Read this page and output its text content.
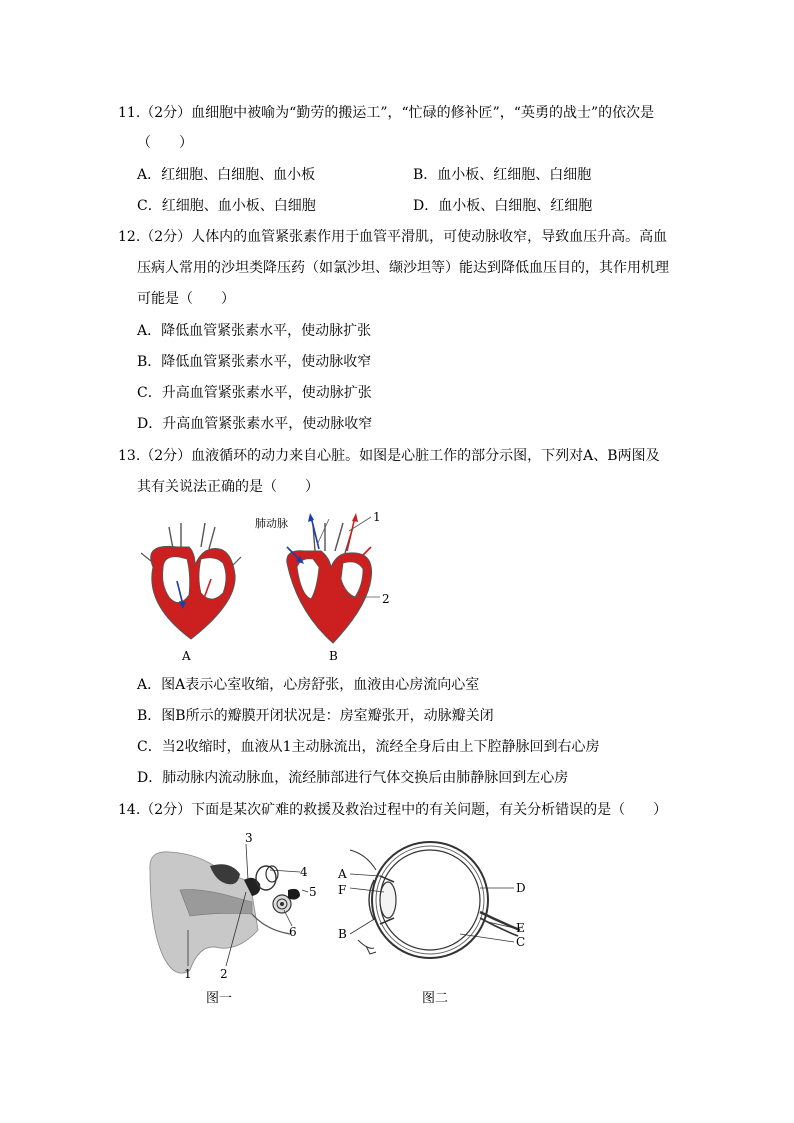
11.（2分）血细胞中被喻为“勤劳的搬运工”，“忙碌的修补匠”，“英勇的战士”的依次是
（　　）
A．红细胞、白细胞、血小板	B．血小板、红细胞、白细胞
C．红细胞、血小板、白细胞	D．血小板、白细胞、红细胞
12.（2分）人体内的血管紧张素作用于血管平滑肌，可使动脉收窄，导致血压升高。高血
压病人常用的沙坦类降压药（如氯沙坦、缬沙坦等）能达到降低血压目的，其作用机理
可能是（　　）
A．降低血管紧张素水平，使动脉扩张
B．降低血管紧张素水平，使动脉收窄
C．升高血管紧张素水平，使动脉扩张
D．升高血管紧张素水平，使动脉收窄
13.（2分）血液循环的动力来自心脏。如图是心脏工作的部分示图，下列对A、B两图及
其有关说法正确的是（　　）
A	B
肺动脉	1
2
A．图A表示心室收缩，心房舒张，血液由心房流向心室
B．图B所示的瓣膜开闭状况是：房室瓣张开，动脉瓣关闭
C．当2收缩时，血液从1主动脉流出，流经全身后由上下腔静脉回到右心房
D．肺动脉内流动脉血，流经肺部进行气体交换后由肺静脉回到左心房
14.（2分）下面是某次矿难的救援及救治过程中的有关问题，有关分析错误的是（　　）
3
4
5
6
1 2
图一
A
F
B
D
E
C
图二
